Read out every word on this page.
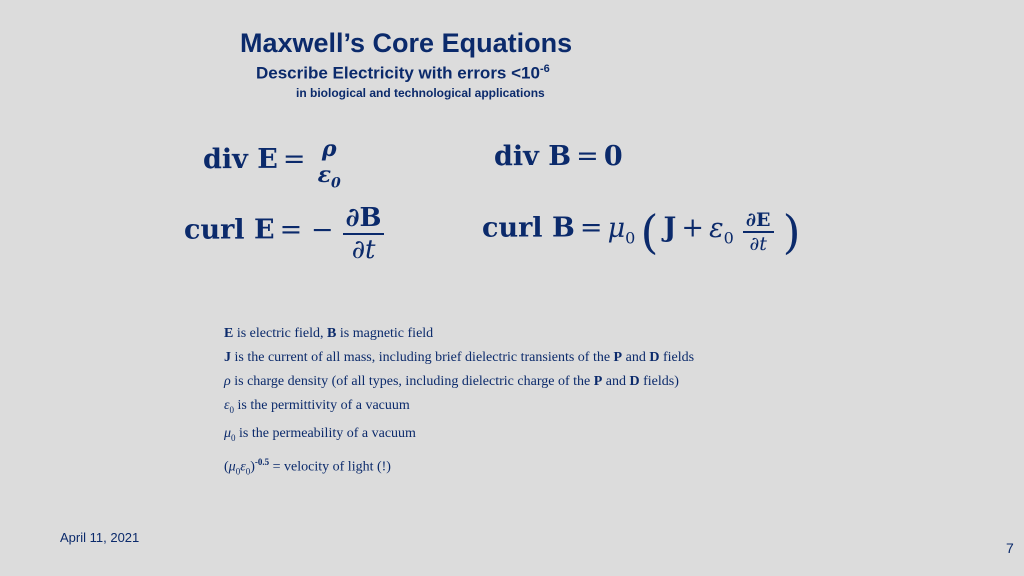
Maxwell’s Core Equations
Describe Electricity with errors $<10^{-6}$
in biological and technological applications
div E = ρ
$\varepsilon_0$
div B = 0
curl E = − $\frac{\partial B}{\partial t}$	curl $B = \mu_0$ ( $J + \varepsilon_0 \frac{\partial E}{\partial t}$ )
E is electric field, B is magnetic field
J is the current of all mass, including brief dielectric transients of the P and D fields
ρ is charge density (of all types, including dielectric charge of the P and D fields)
$\varepsilon_0$ is the permittivity of a vacuum
$\mu_0$ is the permeability of a vacuum
$(\mu_0\varepsilon_0)^{-0.5}$ = velocity of light (!)
April 11, 2021
7
